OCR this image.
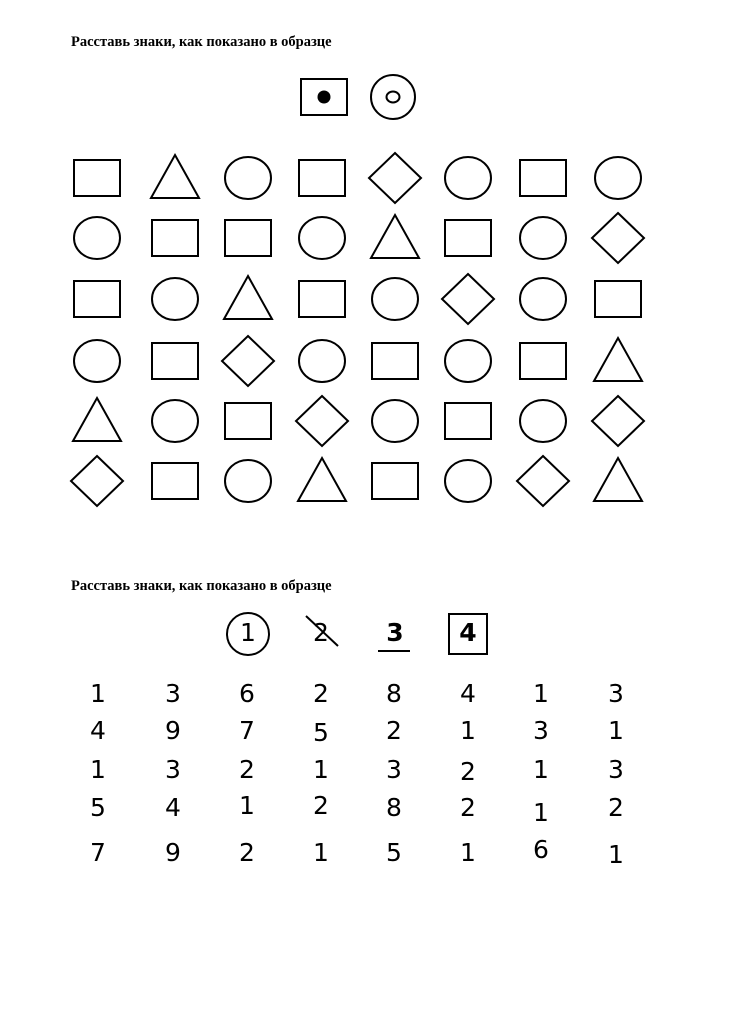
Расставь знаки, как показано в образце
Расставь знаки, как показано в образце
1	2	3	4
1	3	6	2	8	4	1	3
4	9	7	5	2	1	3	1
1	3	2	1	3	2	1	3
5	4	1	2	8	2	1	2
7	9	2	1	5	1	6	1
